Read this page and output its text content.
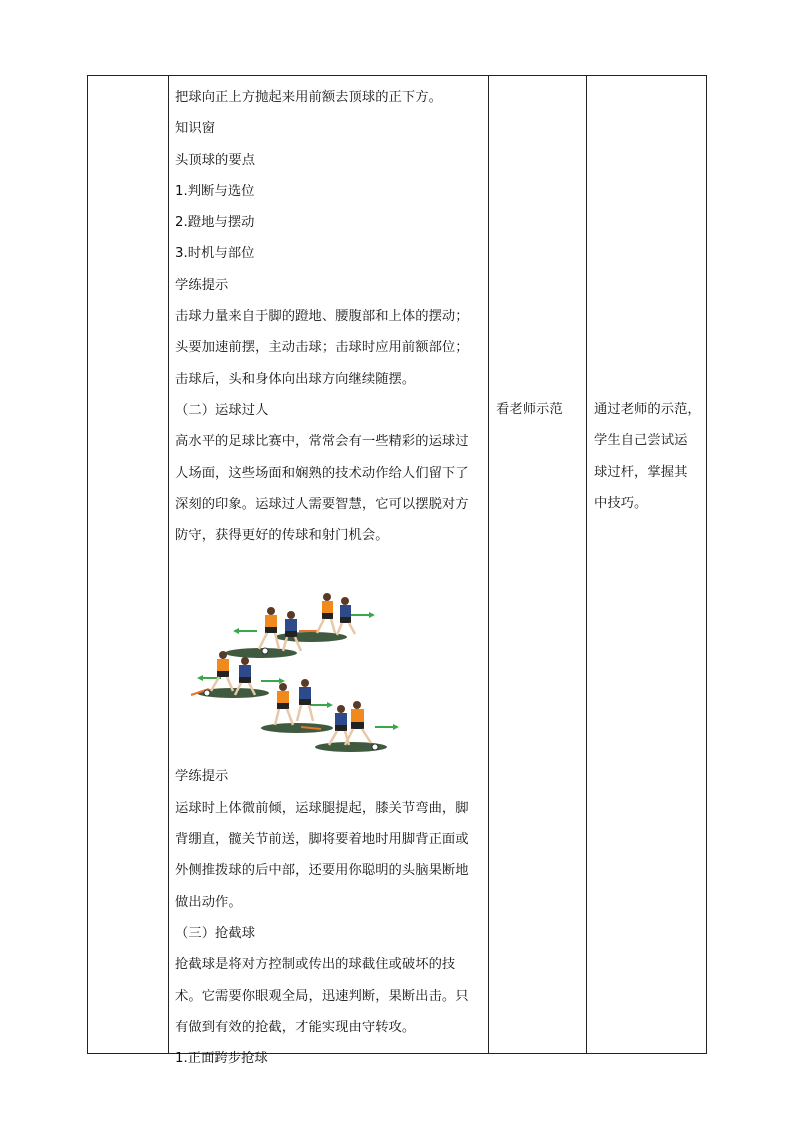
把球向正上方抛起来用前额去顶球的正下方。
知识窗
头顶球的要点
1.判断与选位
2.蹬地与摆动
3.时机与部位
学练提示
击球力量来自于脚的蹬地、腰腹部和上体的摆动；
头要加速前摆，主动击球；击球时应用前额部位；
击球后，头和身体向出球方向继续随摆。
（二）运球过人
高水平的足球比赛中，常常会有一些精彩的运球过
人场面，这些场面和娴熟的技术动作给人们留下了
深刻的印象。运球过人需要智慧，它可以摆脱对方
防守，获得更好的传球和射门机会。
学练提示
运球时上体微前倾，运球腿提起，膝关节弯曲，脚
背绷直，髋关节前送，脚将要着地时用脚背正面或
外侧推拨球的后中部，还要用你聪明的头脑果断地
做出动作。
（三）抢截球
抢截球是将对方控制或传出的球截住或破坏的技
术。它需要你眼观全局，迅速判断，果断出击。只
有做到有效的抢截，才能实现由守转攻。
1.正面跨步抢球
看老师示范	通过老师的示范，
学生自己尝试运
球过杆，掌握其
中技巧。
